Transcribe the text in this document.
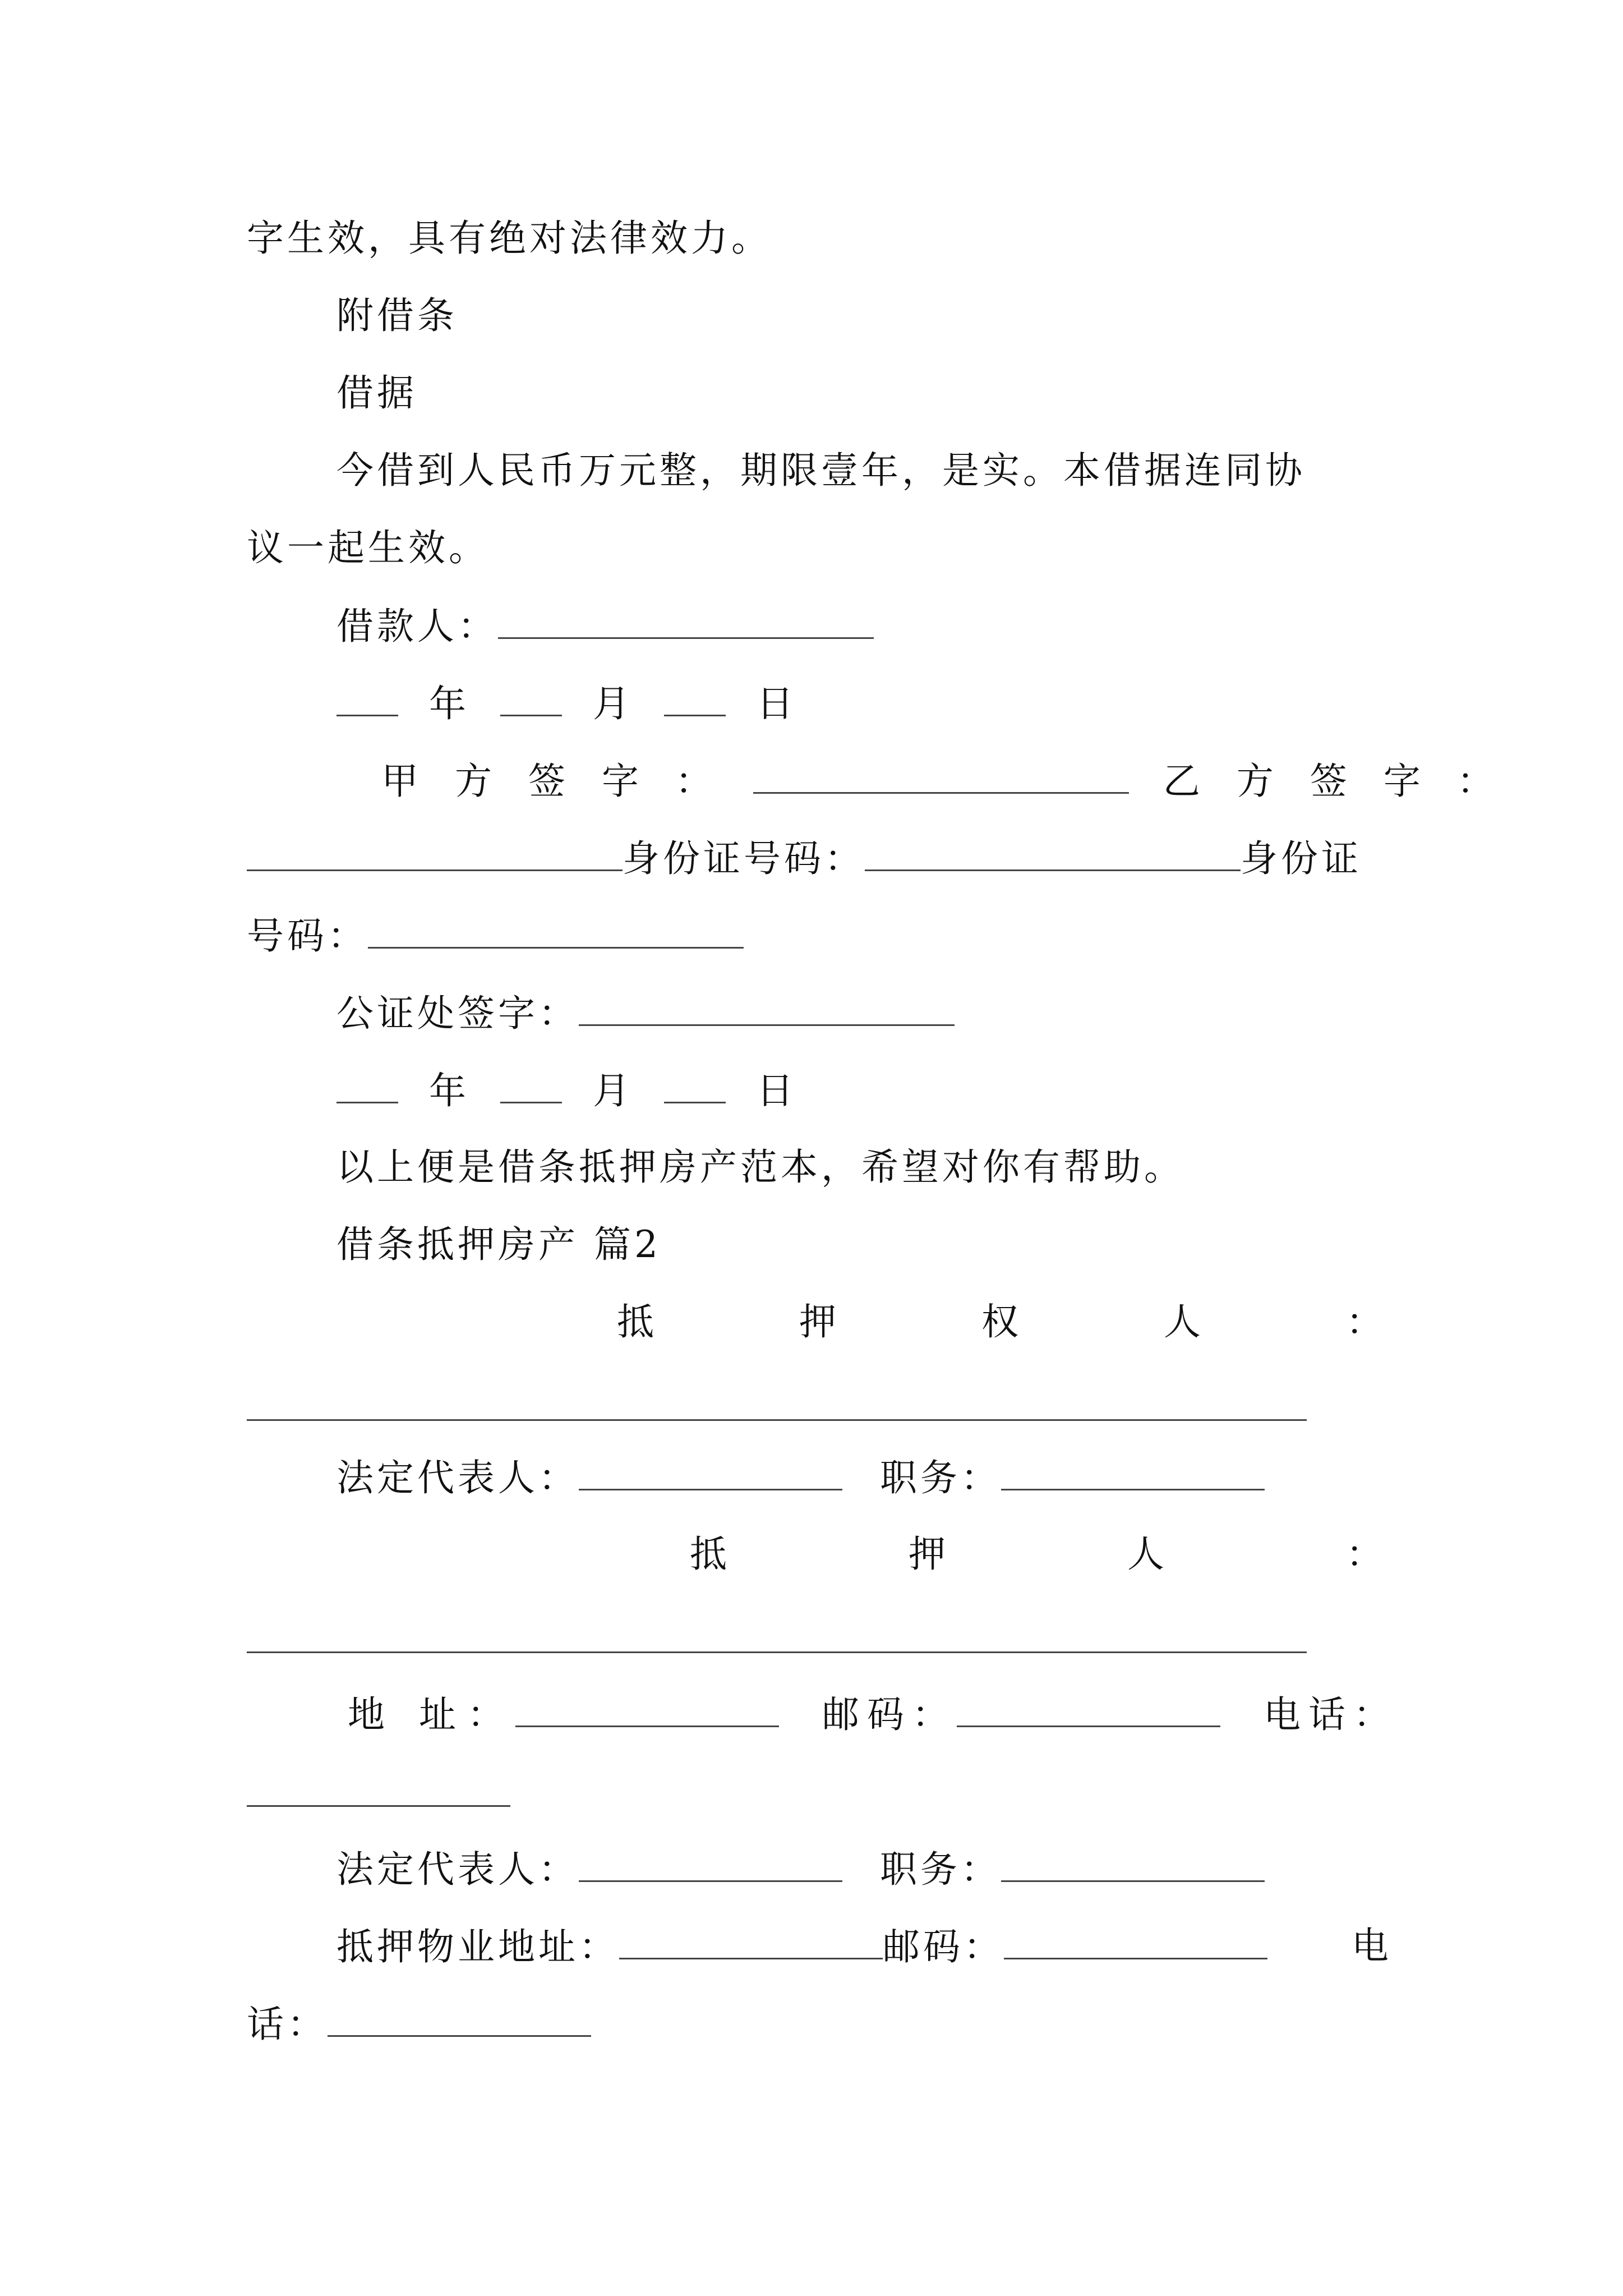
字生效，具有绝对法律效力。
附借条
借据
今借到人民币万元整，期限壹年，是实。本借据连同协
议一起生效。
借款人：
年	月	日
甲 方 签 字 ：	乙 方 签 字 ：
身份证号码：	身份证
号码：
公证处签字：
年	月	日
以上便是借条抵押房产范本，希望对你有帮助。
借条抵押房产 篇2
抵	押	权	人	：
法定代表人：	职务：
抵	押	人	：
地 址：	邮码：	电话：
法定代表人：	职务：
抵押物业地址：	邮码：	电
话：
